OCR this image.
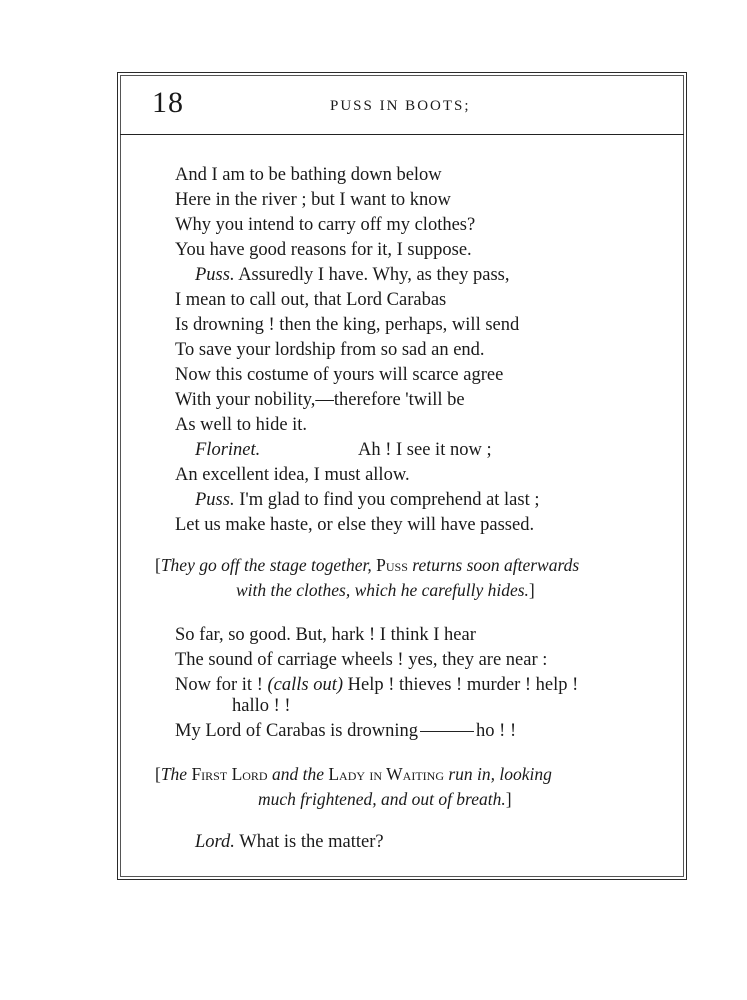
18	PUSS IN BOOTS;
And I am to be bathing down below
Here in the river ; but I want to know
Why you intend to carry off my clothes?
You have good reasons for it, I suppose.
Puss. Assuredly I have. Why, as they pass,
I mean to call out, that Lord Carabas
Is drowning ! then the king, perhaps, will send
To save your lordship from so sad an end.
Now this costume of yours will scarce agree
With your nobility,—therefore 'twill be
As well to hide it.
Florinet.	Ah ! I see it now ;
An excellent idea, I must allow.
Puss. I'm glad to find you comprehend at last ;
Let us make haste, or else they will have passed.
[They go off the stage together, Puss returns soon afterwards
with the clothes, which he carefully hides.]
So far, so good. But, hark ! I think I hear
The sound of carriage wheels ! yes, they are near :
Now for it ! (calls out) Help ! thieves ! murder ! help !
hallo ! !
My Lord of Carabas is drowning	ho ! !
[The First Lord and the Lady in Waiting run in, looking
much frightened, and out of breath.]
Lord. What is the matter?
